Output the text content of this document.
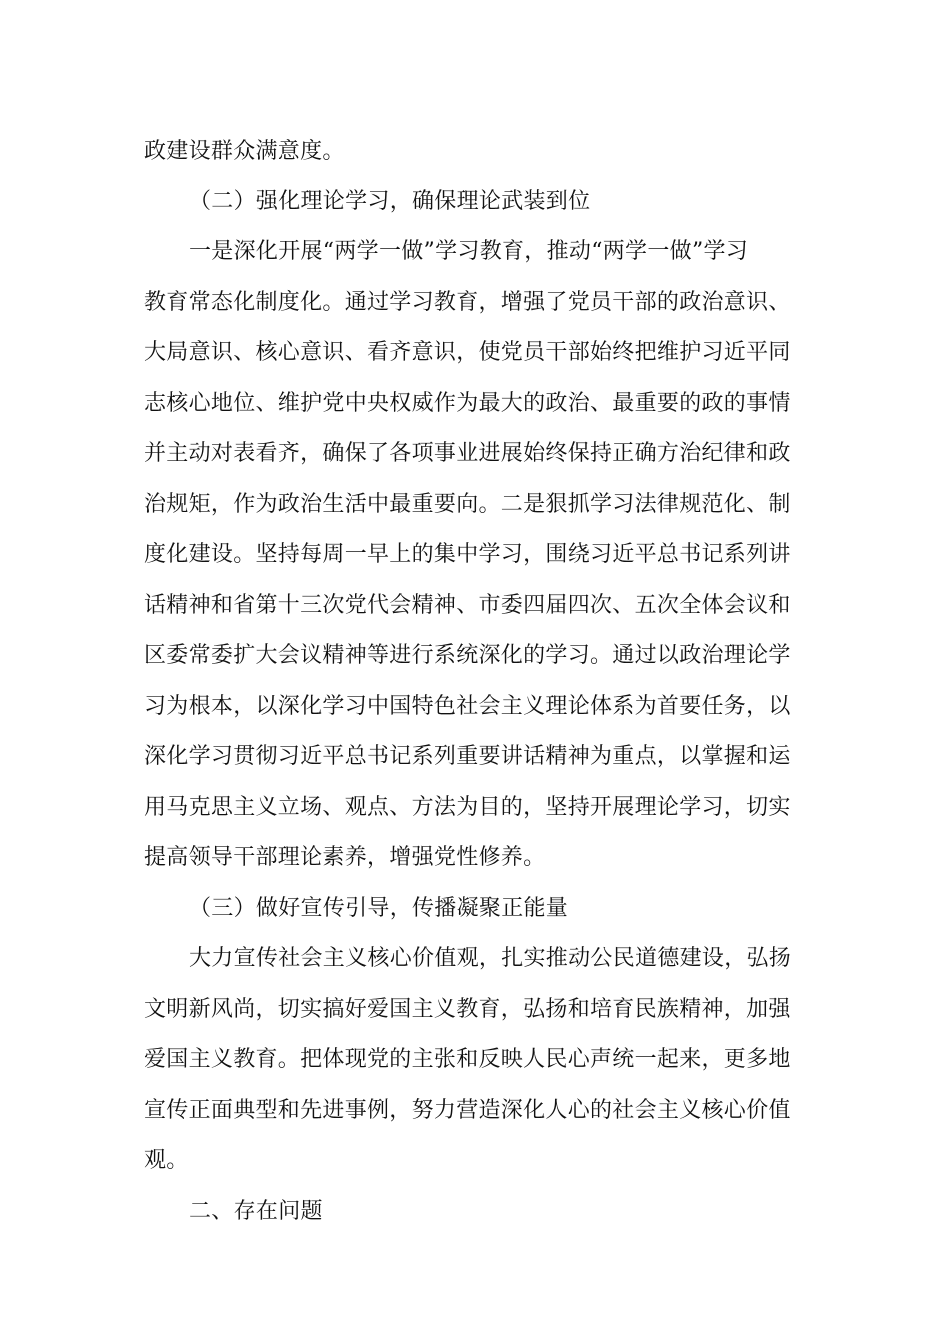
政建设群众满意度。
（二）强化理论学习，确保理论武装到位
一是深化开展“两学一做”学习教育，推动“两学一做”学习
教育常态化制度化。通过学习教育，增强了党员干部的政治意识、
大局意识、核心意识、看齐意识，使党员干部始终把维护习近平同
志核心地位、维护党中央权威作为最大的政治、最重要的政的事情
并主动对表看齐，确保了各项事业进展始终保持正确方治纪律和政
治规矩，作为政治生活中最重要向。二是狠抓学习法律规范化、制
度化建设。坚持每周一早上的集中学习，围绕习近平总书记系列讲
话精神和省第十三次党代会精神、市委四届四次、五次全体会议和
区委常委扩大会议精神等进行系统深化的学习。通过以政治理论学
习为根本，以深化学习中国特色社会主义理论体系为首要任务，以
深化学习贯彻习近平总书记系列重要讲话精神为重点，以掌握和运
用马克思主义立场、观点、方法为目的，坚持开展理论学习，切实
提高领导干部理论素养，增强党性修养。
（三）做好宣传引导，传播凝聚正能量
大力宣传社会主义核心价值观，扎实推动公民道德建设，弘扬
文明新风尚，切实搞好爱国主义教育，弘扬和培育民族精神，加强
爱国主义教育。把体现党的主张和反映人民心声统一起来，更多地
宣传正面典型和先进事例，努力营造深化人心的社会主义核心价值
观。
二、存在问题
